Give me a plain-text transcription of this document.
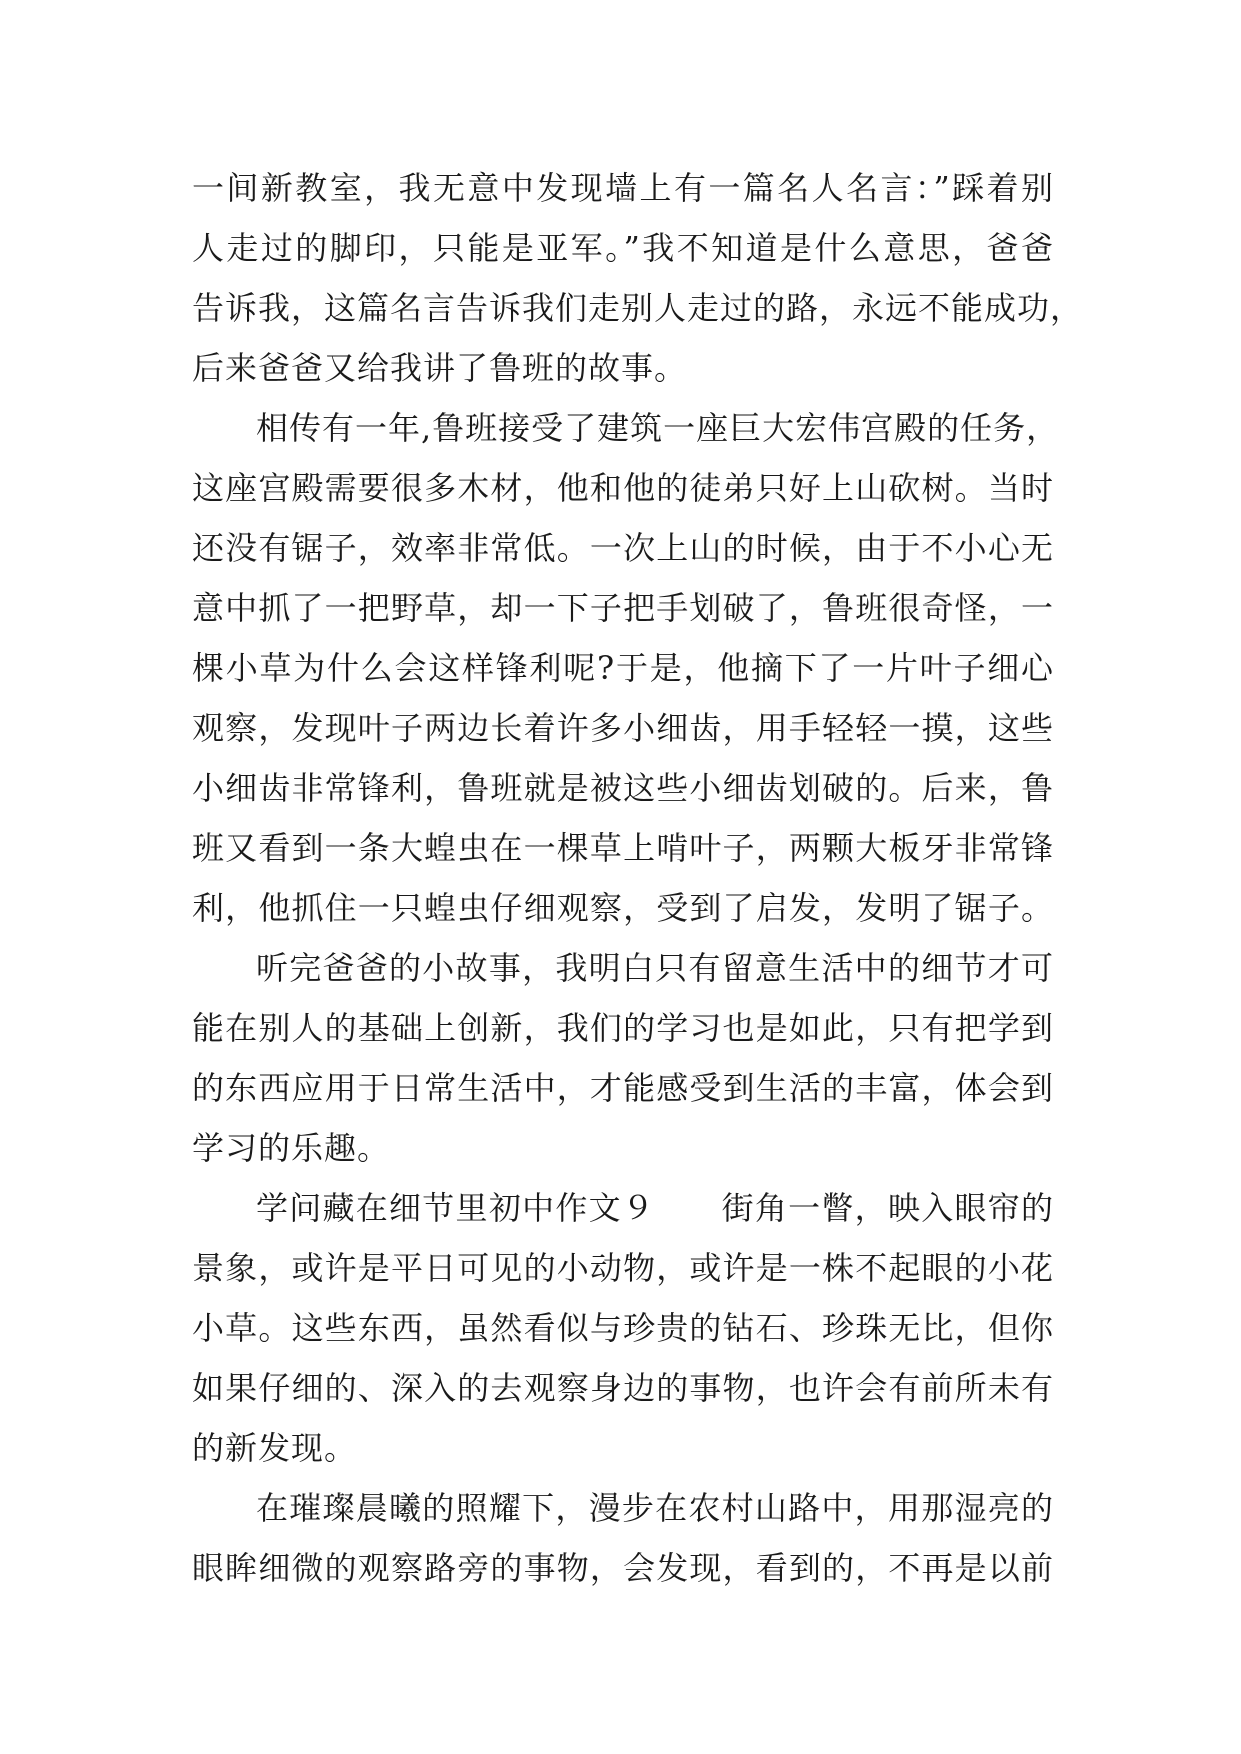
一间新教室，我无意中发现墙上有一篇名人名言：”踩着别
人走过的脚印，只能是亚军。”我不知道是什么意思，爸爸
告诉我，这篇名言告诉我们走别人走过的路，永远不能成功，
后来爸爸又给我讲了鲁班的故事。
相传有一年,鲁班接受了建筑一座巨大宏伟宫殿的任务，
这座宫殿需要很多木材，他和他的徒弟只好上山砍树。当时
还没有锯子，效率非常低。一次上山的时候，由于不小心无
意中抓了一把野草，却一下子把手划破了，鲁班很奇怪，一
棵小草为什么会这样锋利呢?于是，他摘下了一片叶子细心
观察，发现叶子两边长着许多小细齿，用手轻轻一摸，这些
小细齿非常锋利，鲁班就是被这些小细齿划破的。后来，鲁
班又看到一条大蝗虫在一棵草上啃叶子，两颗大板牙非常锋
利，他抓住一只蝗虫仔细观察，受到了启发，发明了锯子。
听完爸爸的小故事，我明白只有留意生活中的细节才可
能在别人的基础上创新，我们的学习也是如此，只有把学到
的东西应用于日常生活中，才能感受到生活的丰富，体会到
学习的乐趣。
学问藏在细节里初中作文９　　街角一瞥，映入眼帘的
景象，或许是平日可见的小动物，或许是一株不起眼的小花
小草。这些东西，虽然看似与珍贵的钻石、珍珠无比，但你
如果仔细的、深入的去观察身边的事物，也许会有前所未有
的新发现。
在璀璨晨曦的照耀下，漫步在农村山路中，用那湿亮的
眼眸细微的观察路旁的事物，会发现，看到的，不再是以前
